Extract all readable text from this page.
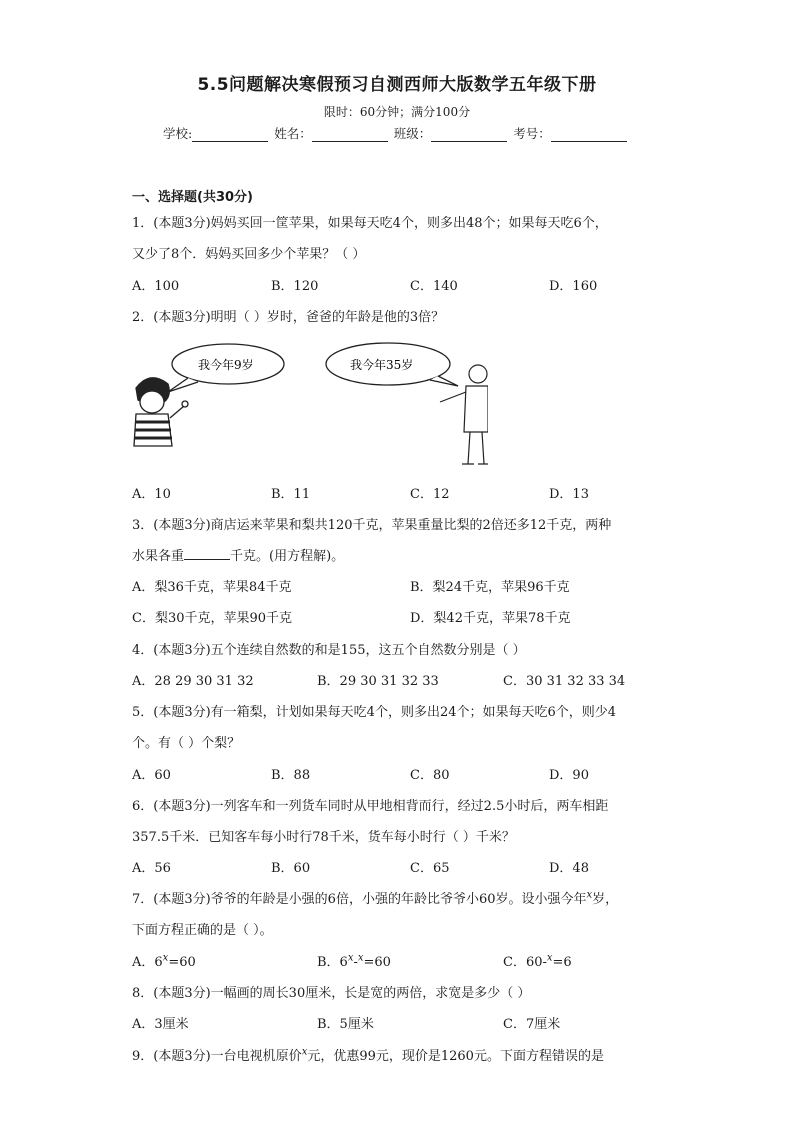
5.5问题解决寒假预习自测西师大版数学五年级下册
限时：60分钟；满分100分
学校:	姓名：	班级：	考号：
一、选择题(共30分)
1．(本题3分)妈妈买回一筐苹果，如果每天吃4个，则多出48个；如果每天吃6个，
又少了8个．妈妈买回多少个苹果？（ ）
A．100	B．120	C．140	D．160
2．(本题3分)明明（ ）岁时，爸爸的年龄是他的3倍？
我今年9岁	我今年35岁
A．10	B．11	C．12	D．13
3．(本题3分)商店运来苹果和梨共120千克，苹果重量比梨的2倍还多12千克，两种
水果各重	千克。(用方程解)。
A．梨36千克，苹果84千克	B．梨24千克，苹果96千克
C．梨30千克，苹果90千克	D．梨42千克，苹果78千克
4．(本题3分)五个连续自然数的和是155，这五个自然数分别是（ ）
A．28 29 30 31 32	B．29 30 31 32 33	C．30 31 32 33 34
5．(本题3分)有一箱梨，计划如果每天吃4个，则多出24个；如果每天吃6个，则少4
个。有（ ）个梨？
A．60	B．88	C．80	D．90
6．(本题3分)一列客车和一列货车同时从甲地相背而行，经过2.5小时后，两车相距
357.5千米．已知客车每小时行78千米，货车每小时行（ ）千米？
A．56	B．60	C．65	D．48
7．(本题3分)爷爷的年龄是小强的6倍，小强的年龄比爷爷小60岁。设小强今年$^x$岁，
下面方程正确的是（ ）。
A．$6^x=60$	B．$6^x-^x=60$	C．60-$^x$=6
8．(本题3分)一幅画的周长30厘米，长是宽的两倍，求宽是多少（ ）
A．3厘米	B．5厘米	C．7厘米
9．(本题3分)一台电视机原价$^x$元，优惠99元，现价是1260元。下面方程错误的是
